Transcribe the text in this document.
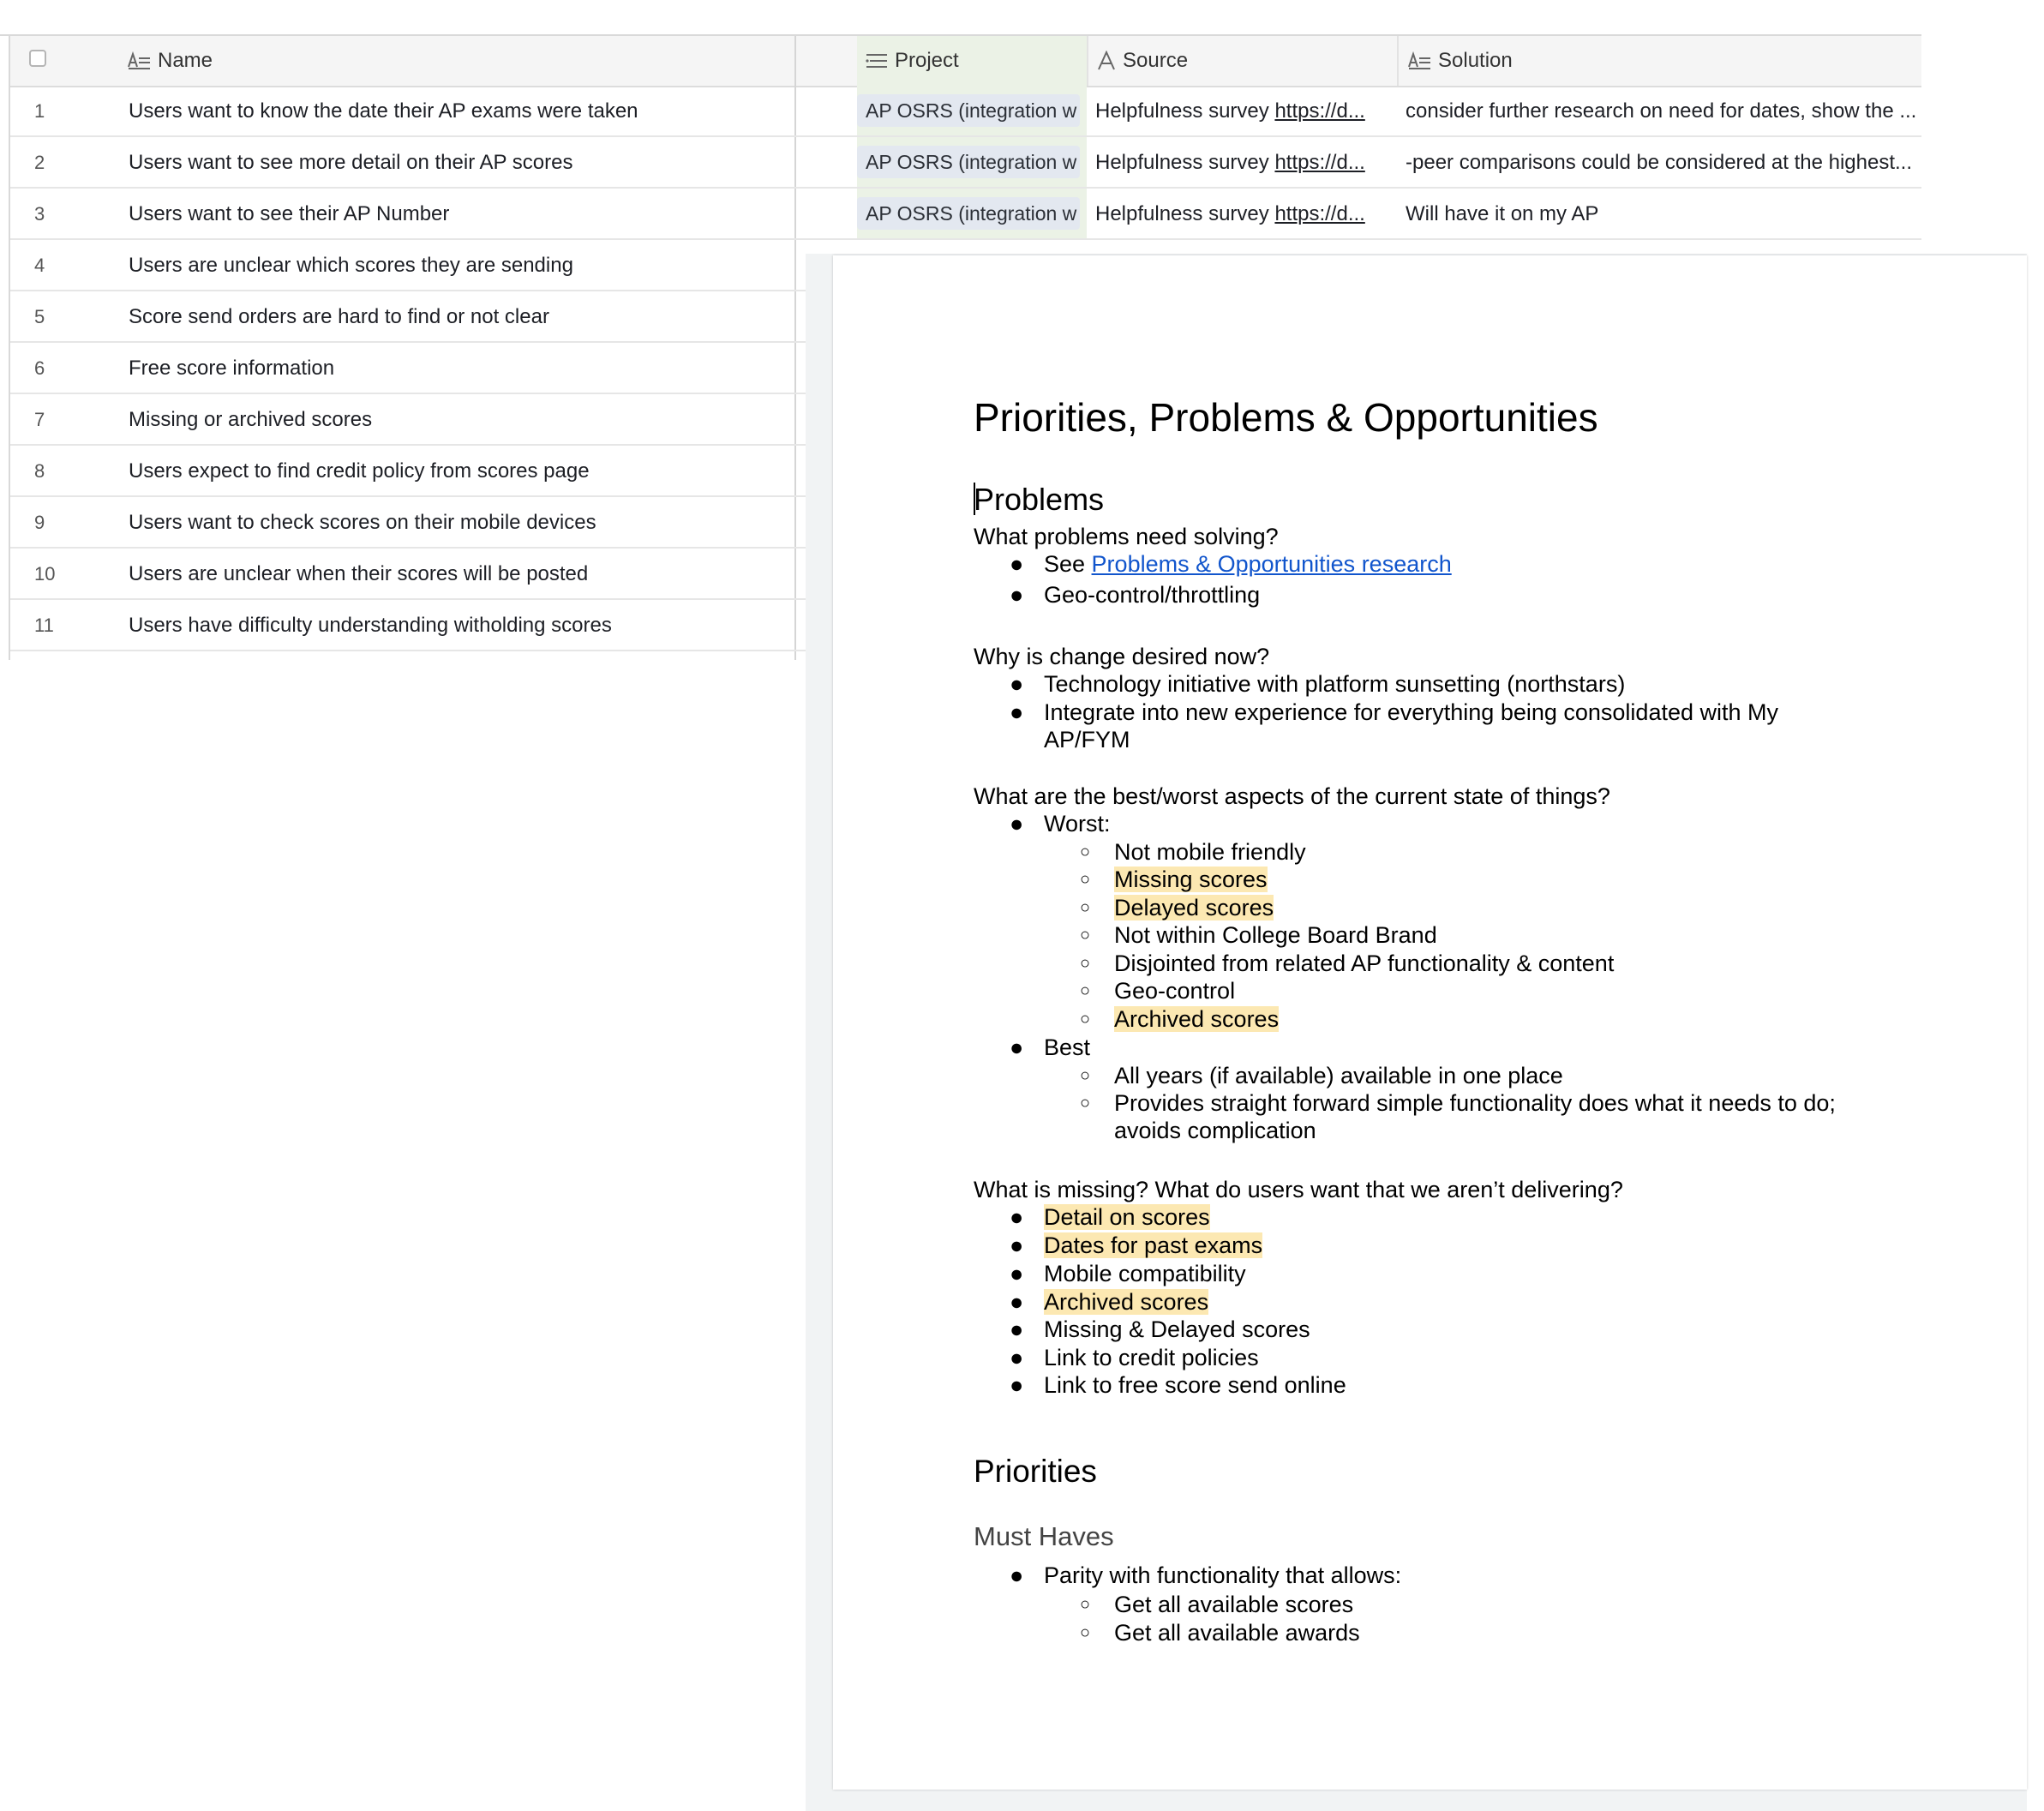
Name	Project	Source	Solution
1	Users want to know the date their AP exams were taken	AP OSRS (integration w Helpfulness survey https://d...	consider further research on need for dates, show the ...
2	Users want to see more detail on their AP scores	AP OSRS (integration w Helpfulness survey https://d...	-peer comparisons could be considered at the highest...
3	Users want to see their AP Number	AP OSRS (integration w Helpfulness survey https://d...	Will have it on my AP
4	Users are unclear which scores they are sending
5	Score send orders are hard to find or not clear
6	Free score information
7	Missing or archived scores
8	Users expect to find credit policy from scores page
9	Users want to check scores on their mobile devices
10	Users are unclear when their scores will be posted
11	Users have difficulty understanding witholding scores
Priorities, Problems & Opportunities
Problems
What problems need solving?
● See Problems & Opportunities research
● Geo-control/throttling
Why is change desired now?
● Technology initiative with platform sunsetting (northstars)
● Integrate into new experience for everything being consolidated with My
AP/FYM
What are the best/worst aspects of the current state of things?
● Worst:
○ Not mobile friendly
○ Missing scores
○ Delayed scores
○ Not within College Board Brand
○ Disjointed from related AP functionality & content
○ Geo-control
○ Archived scores
● Best
○ All years (if available) available in one place
○ Provides straight forward simple functionality does what it needs to do;
avoids complication
What is missing? What do users want that we aren’t delivering?
● Detail on scores
● Dates for past exams
● Mobile compatibility
● Archived scores
● Missing & Delayed scores
● Link to credit policies
● Link to free score send online
Priorities
Must Haves
● Parity with functionality that allows:
○ Get all available scores
○ Get all available awards
